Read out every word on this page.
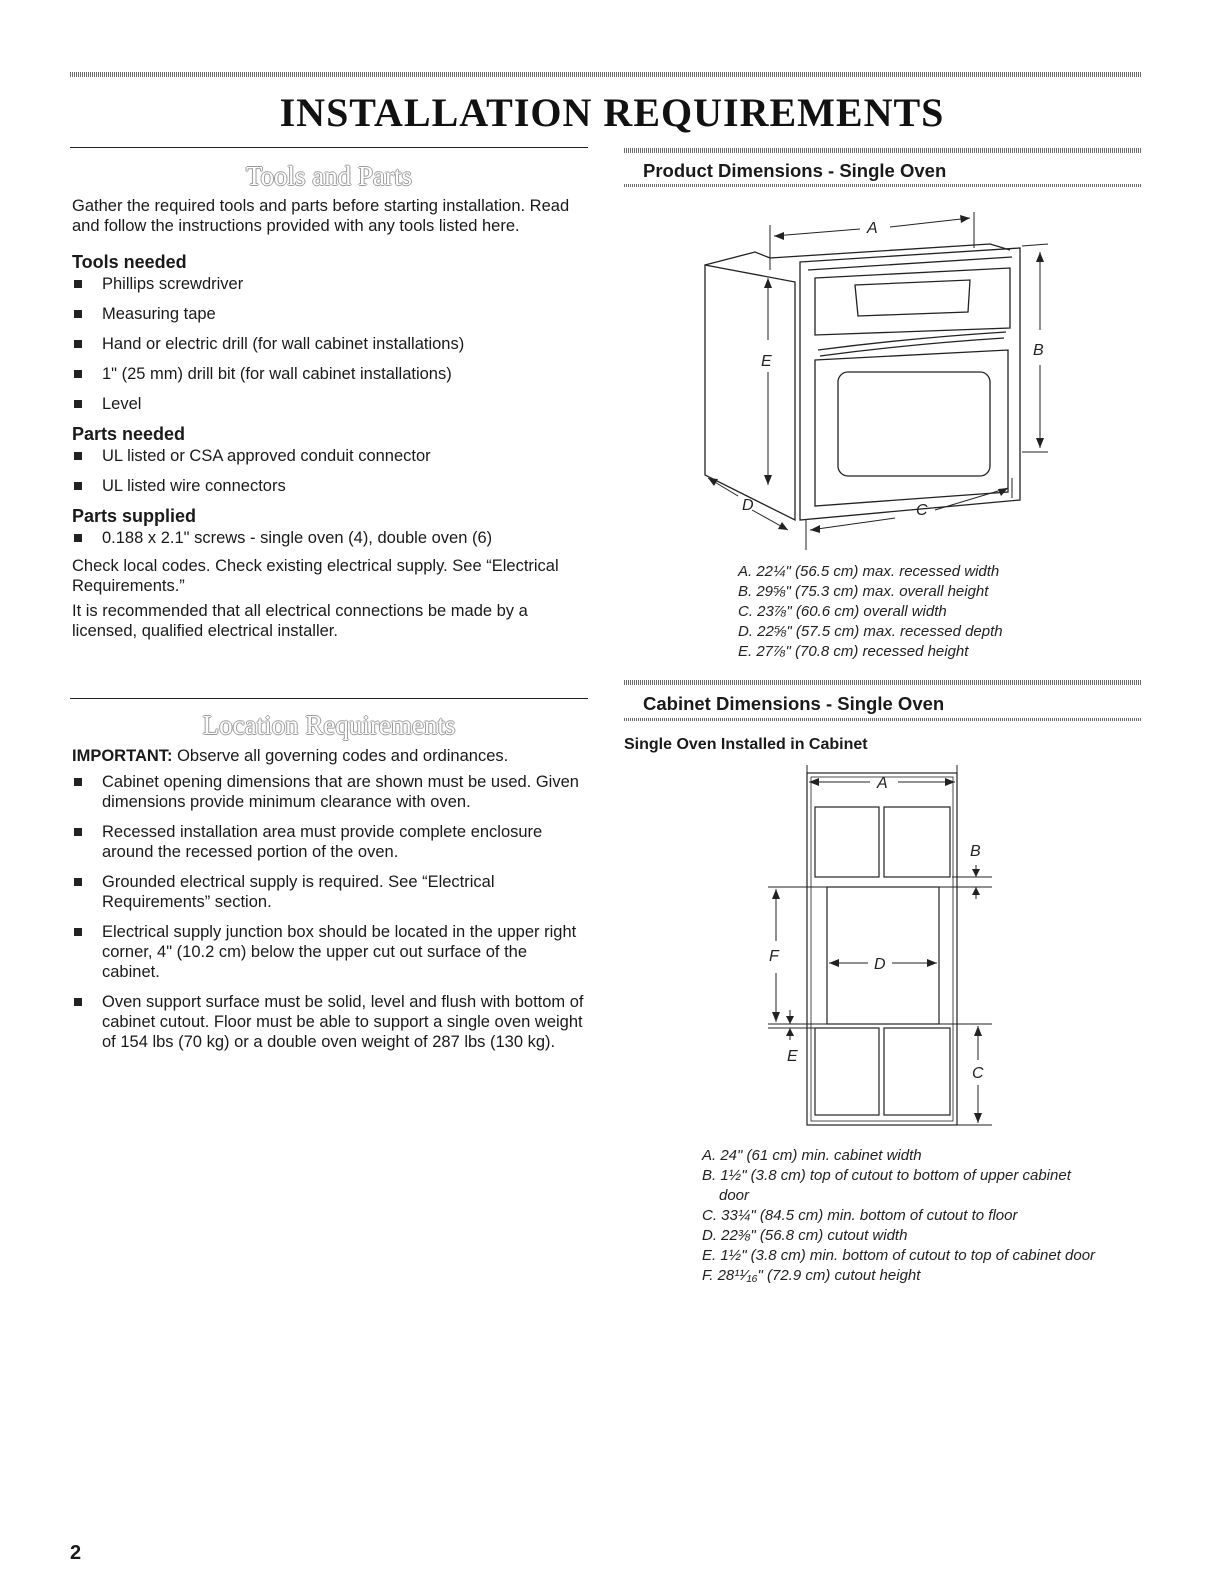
INSTALLATION REQUIREMENTS
Tools and Parts

Gather the required tools and parts before starting installation. Read and follow the instructions provided with any tools listed here.

Tools needed
Phillips screwdriver
Measuring tape
Hand or electric drill (for wall cabinet installations)
1" (25 mm) drill bit (for wall cabinet installations)
Level
Parts needed
UL listed or CSA approved conduit connector
UL listed wire connectors
Parts supplied
0.188 x 2.1" screws - single oven (4), double oven (6)

Check local codes. Check existing electrical supply. See “Electrical Requirements.”

It is recommended that all electrical connections be made by a licensed, qualified electrical installer.

Location Requirements

IMPORTANT: Observe all governing codes and ordinances.

Cabinet opening dimensions that are shown must be used. Given dimensions provide minimum clearance with oven.
Recessed installation area must provide complete enclosure around the recessed portion of the oven.
Grounded electrical supply is required. See “Electrical Requirements” section.
Electrical supply junction box should be located in the upper right corner, 4" (10.2 cm) below the upper cut out surface of the cabinet.
Oven support surface must be solid, level and flush with bottom of cabinet cutout. Floor must be able to support a single oven weight of 154 lbs (70 kg) or a double oven weight of 287 lbs (130 kg).
Product Dimensions - Single Oven
A
B
C
D
E
A. 22¼" (56.5 cm) max. recessed width
B. 29⅝" (75.3 cm) max. overall height
C. 23⅞" (60.6 cm) overall width
D. 22⅝" (57.5 cm) max. recessed depth
E. 27⅞" (70.8 cm) recessed height
Cabinet Dimensions - Single Oven
Single Oven Installed in Cabinet
A
B
C
D
E
F
A. 24" (61 cm) min. cabinet width
B. 1½" (3.8 cm) top of cutout to bottom of upper cabinet
door
C. 33¼" (84.5 cm) min. bottom of cutout to floor
D. 22⅜" (56.8 cm) cutout width
E. 1½" (3.8 cm) min. bottom of cutout to top of cabinet door
F. 28¹¹⁄₁₆" (72.9 cm) cutout height
2
